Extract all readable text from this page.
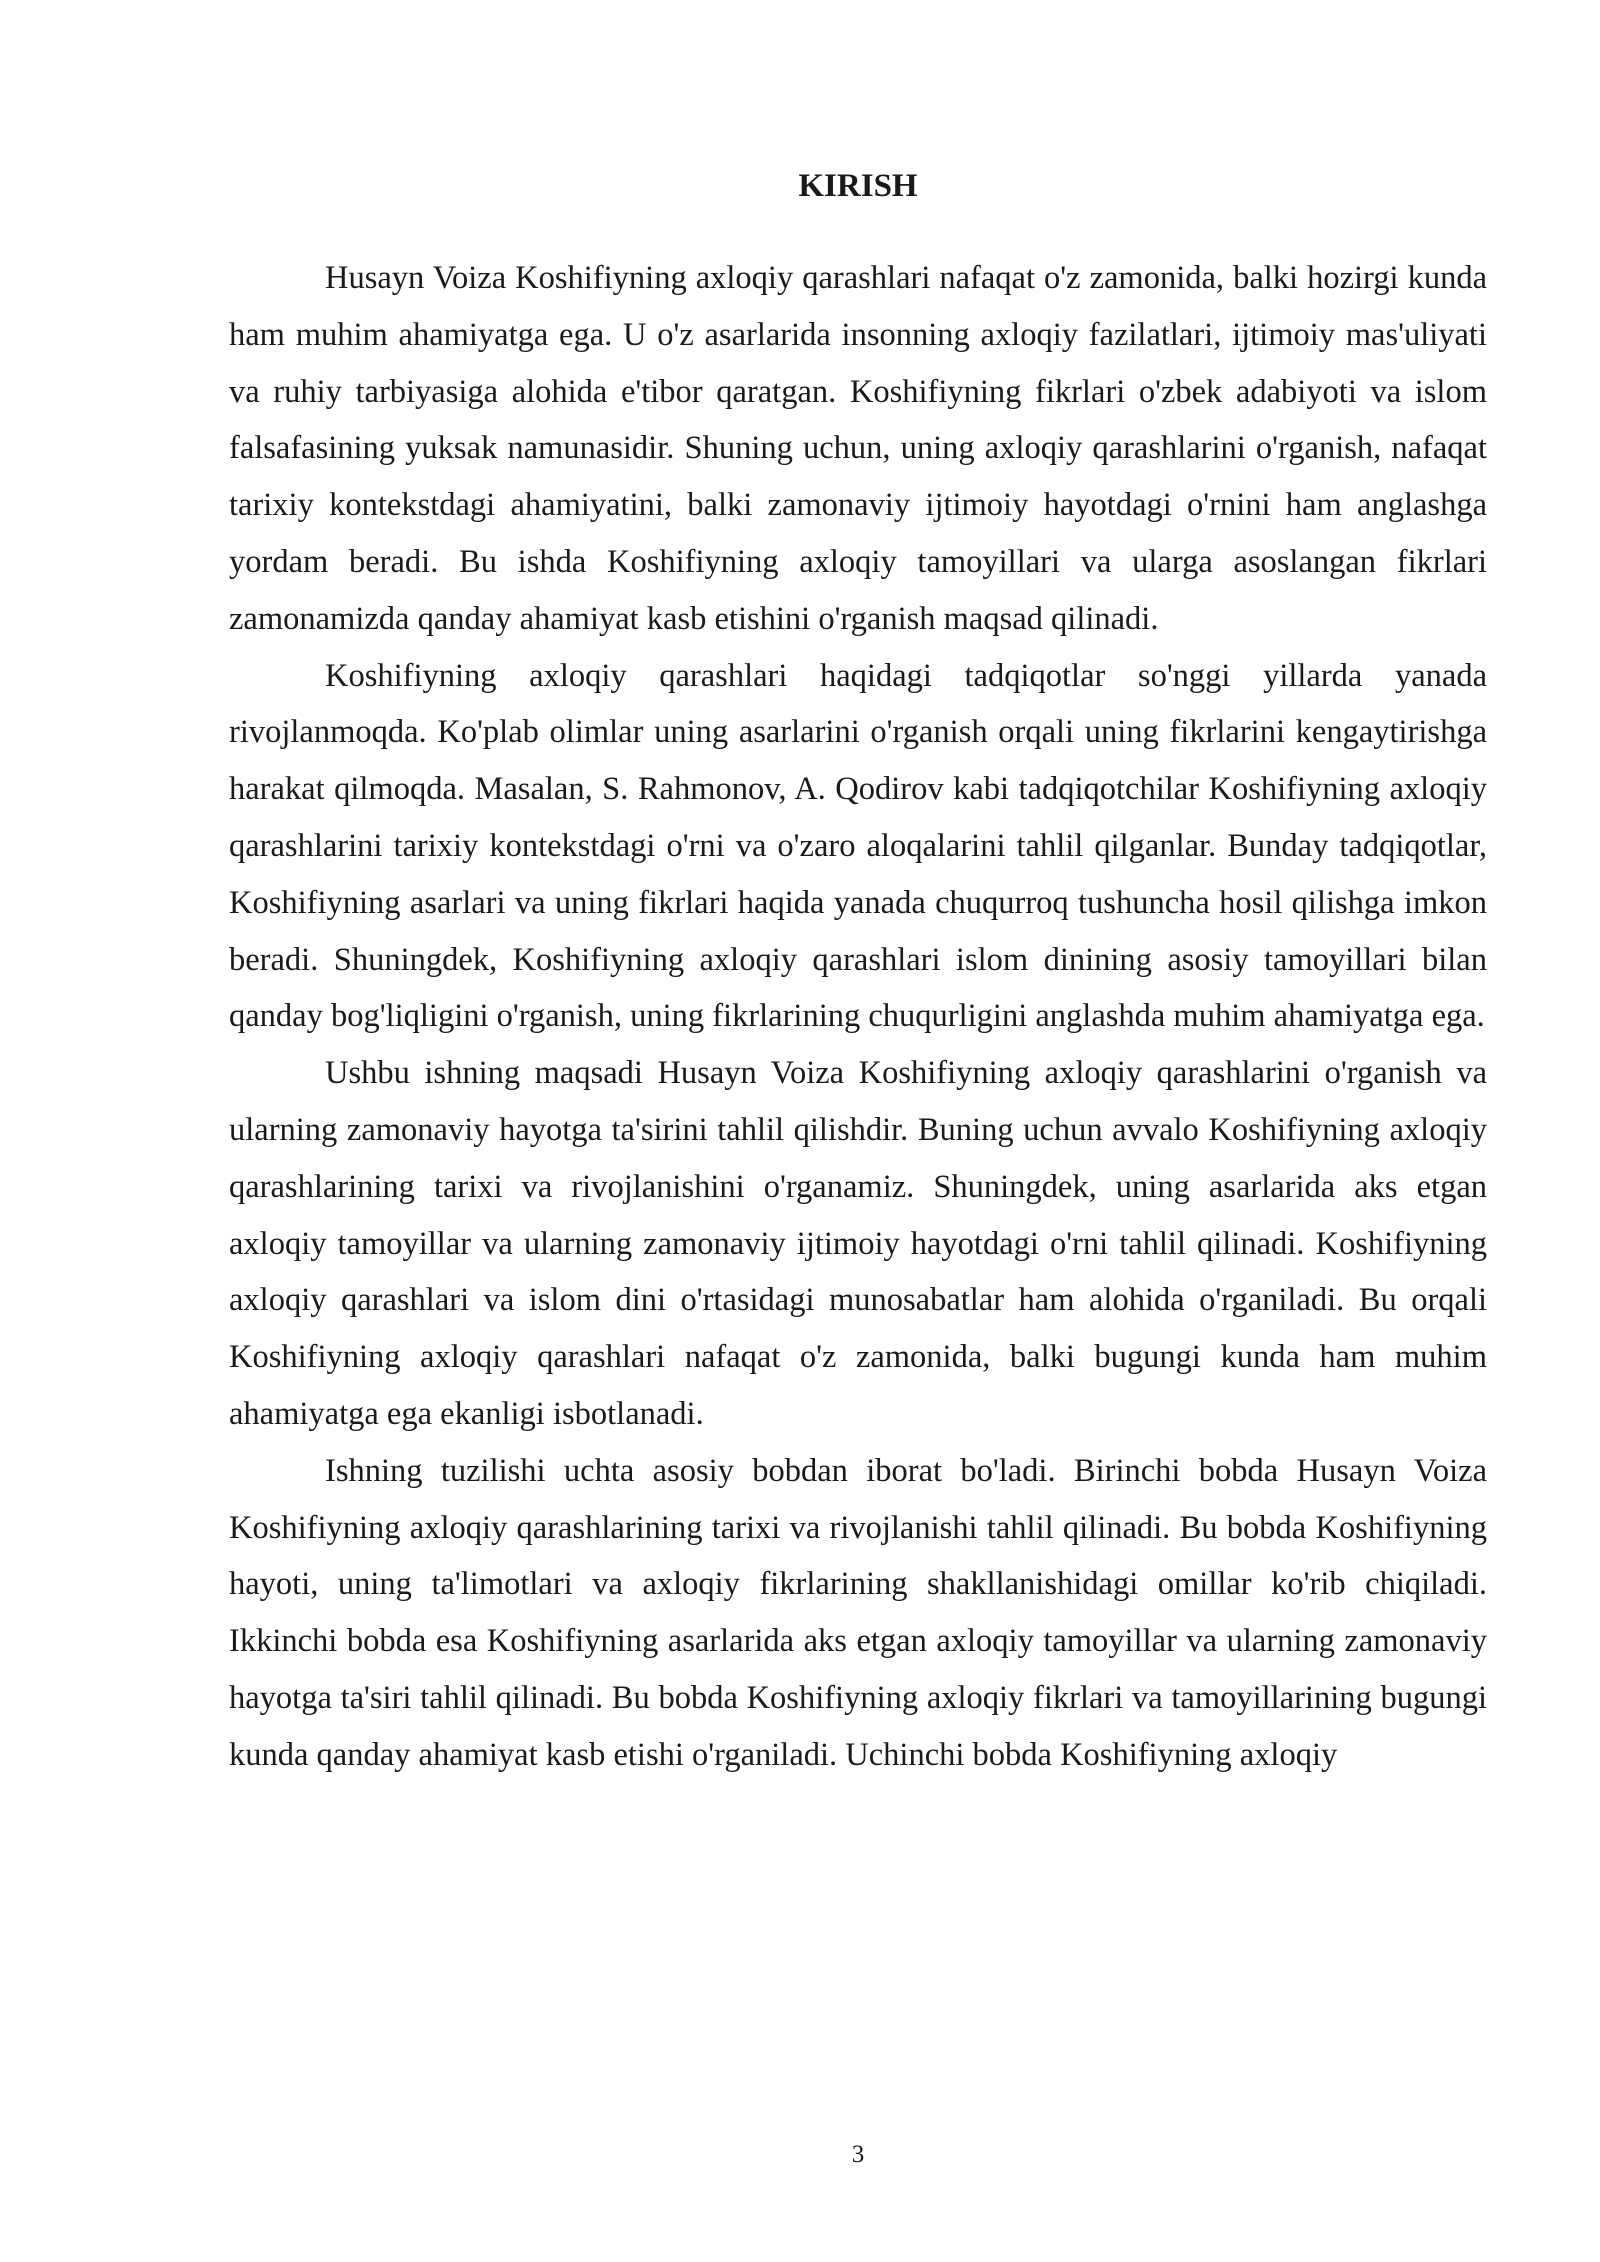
KIRISH

Husayn Voiza Koshifiyning axloqiy qarashlari nafaqat o'z zamonida, balki hozirgi kunda ham muhim ahamiyatga ega. U o'z asarlarida insonning axloqiy fazilatlari, ijtimoiy mas'uliyati va ruhiy tarbiyasiga alohida e'tibor qaratgan. Koshifiyning fikrlari o'zbek adabiyoti va islom falsafasining yuksak namunasidir. Shuning uchun, uning axloqiy qarashlarini o'rganish, nafaqat tarixiy kontekstdagi ahamiyatini, balki zamonaviy ijtimoiy hayotdagi o'rnini ham anglashga yordam beradi. Bu ishda Koshifiyning axloqiy tamoyillari va ularga asoslangan fikrlari zamonamizda qanday ahamiyat kasb etishini o'rganish maqsad qilinadi.

Koshifiyning axloqiy qarashlari haqidagi tadqiqotlar so'nggi yillarda yanada rivojlanmoqda. Ko'plab olimlar uning asarlarini o'rganish orqali uning fikrlarini kengaytirishga harakat qilmoqda. Masalan, S. Rahmonov, A. Qodirov kabi tadqiqotchilar Koshifiyning axloqiy qarashlarini tarixiy kontekstdagi o'rni va o'zaro aloqalarini tahlil qilganlar. Bunday tadqiqotlar, Koshifiyning asarlari va uning fikrlari haqida yanada chuqurroq tushuncha hosil qilishga imkon beradi. Shuningdek, Koshifiyning axloqiy qarashlari islom dinining asosiy tamoyillari bilan qanday bog'liqligini o'rganish, uning fikrlarining chuqurligini anglashda muhim ahamiyatga ega.

Ushbu ishning maqsadi Husayn Voiza Koshifiyning axloqiy qarashlarini o'rganish va ularning zamonaviy hayotga ta'sirini tahlil qilishdir. Buning uchun avvalo Koshifiyning axloqiy qarashlarining tarixi va rivojlanishini o'rganamiz. Shuningdek, uning asarlarida aks etgan axloqiy tamoyillar va ularning zamonaviy ijtimoiy hayotdagi o'rni tahlil qilinadi. Koshifiyning axloqiy qarashlari va islom dini o'rtasidagi munosabatlar ham alohida o'rganiladi. Bu orqali Koshifiyning axloqiy qarashlari nafaqat o'z zamonida, balki bugungi kunda ham muhim ahamiyatga ega ekanligi isbotlanadi.

Ishning tuzilishi uchta asosiy bobdan iborat bo'ladi. Birinchi bobda Husayn Voiza Koshifiyning axloqiy qarashlarining tarixi va rivojlanishi tahlil qilinadi. Bu bobda Koshifiyning hayoti, uning ta'limotlari va axloqiy fikrlarining shakllanishidagi omillar ko'rib chiqiladi. Ikkinchi bobda esa Koshifiyning asarlarida aks etgan axloqiy tamoyillar va ularning zamonaviy hayotga ta'siri tahlil qilinadi. Bu bobda Koshifiyning axloqiy fikrlari va tamoyillarining bugungi kunda qanday ahamiyat kasb etishi o'rganiladi. Uchinchi bobda Koshifiyning axloqiy

3
